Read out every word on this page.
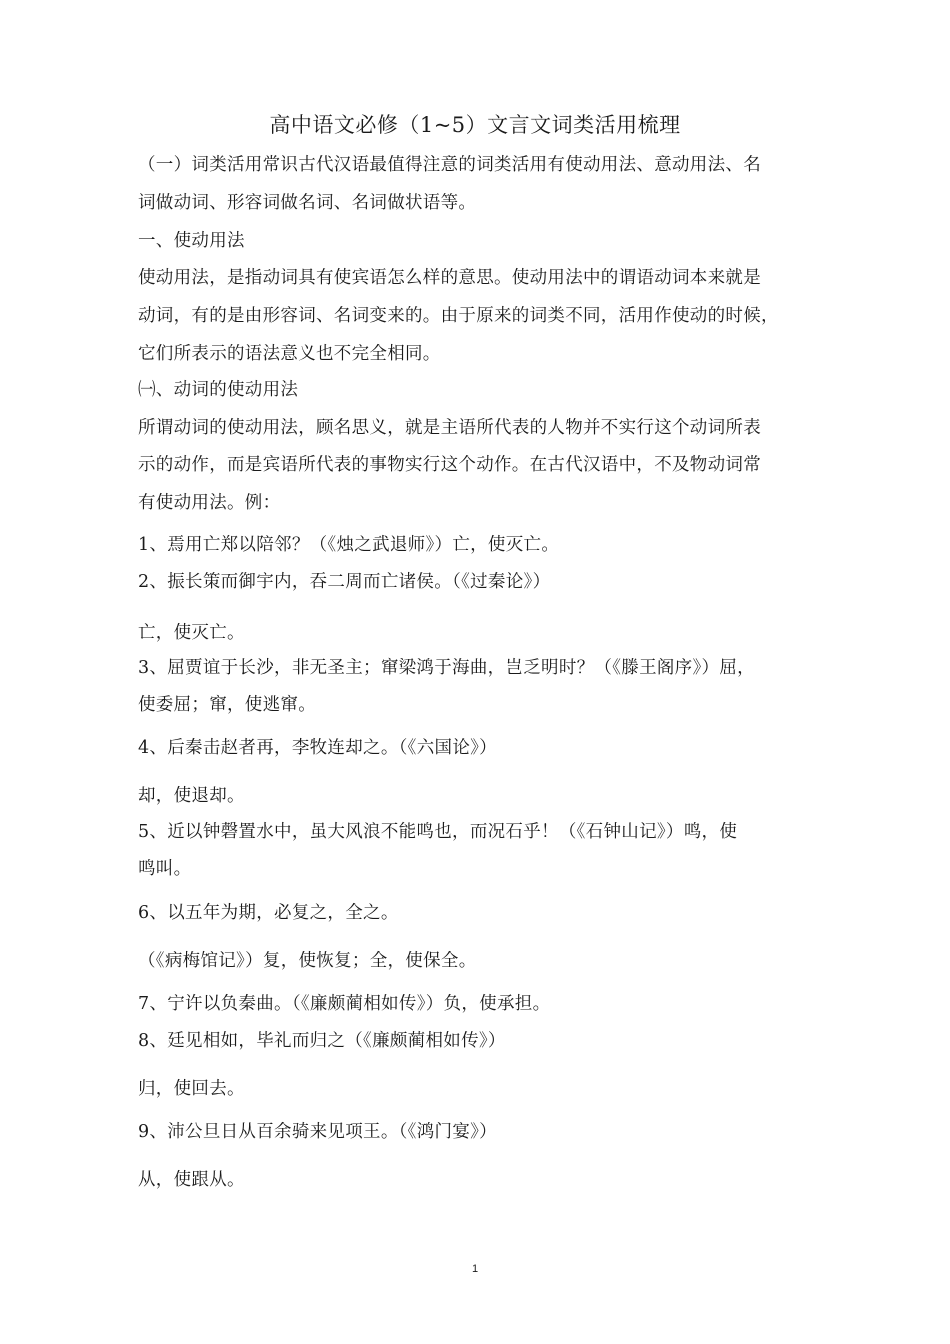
高中语文必修（1~5）文言文词类活用梳理
（一）词类活用常识古代汉语最值得注意的词类活用有使动用法、意动用法、名
词做动词、形容词做名词、名词做状语等。
一、使动用法
使动用法，是指动词具有使宾语怎么样的意思。使动用法中的谓语动词本来就是
动词，有的是由形容词、名词变来的。由于原来的词类不同，活用作使动的时候，
它们所表示的语法意义也不完全相同。
㈠、动词的使动用法
所谓动词的使动用法，顾名思义，就是主语所代表的人物并不实行这个动词所表
示的动作，而是宾语所代表的事物实行这个动作。在古代汉语中，不及物动词常
有使动用法。例：
1、焉用亡郑以陪邻？（《烛之武退师》）亡，使灭亡。
2、振长策而御宇内，吞二周而亡诸侯。（《过秦论》）
亡，使灭亡。
3、屈贾谊于长沙，非无圣主；窜梁鸿于海曲，岂乏明时？（《滕王阁序》）屈，
使委屈；窜，使逃窜。
4、后秦击赵者再，李牧连却之。（《六国论》）
却，使退却。
5、近以钟磬置水中，虽大风浪不能鸣也，而况石乎！（《石钟山记》）鸣，使
鸣叫。
6、以五年为期，必复之，全之。
（《病梅馆记》）复，使恢复；全，使保全。
7、宁许以负秦曲。（《廉颇蔺相如传》）负，使承担。
8、廷见相如，毕礼而归之（《廉颇蔺相如传》）
归，使回去。
9、沛公旦日从百余骑来见项王。（《鸿门宴》）
从，使跟从。
1
